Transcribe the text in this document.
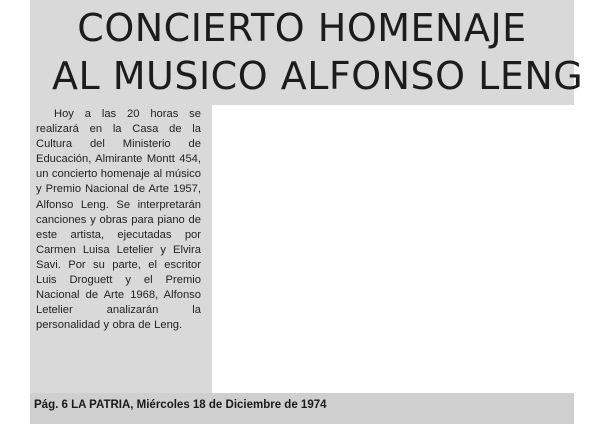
CONCIERTO HOMENAJE
AL MUSICO ALFONSO LENG

Hoy a las 20 horas se realizará en la Casa de la Cultura del Ministerio de Educación, Almirante Montt 454, un concierto homenaje al músico y Premio Nacional de Arte 1957, Alfonso Leng. Se interpretarán canciones y obras para piano de este artista, ejecutadas por Carmen Luisa Letelier y Elvira Savi. Por su parte, el escritor Luis Droguett y el Premio Nacional de Arte 1968, Alfonso Letelier analizarán la personalidad y obra de Leng.

Pág. 6 LA PATRIA, Miércoles 18 de Diciembre de 1974
